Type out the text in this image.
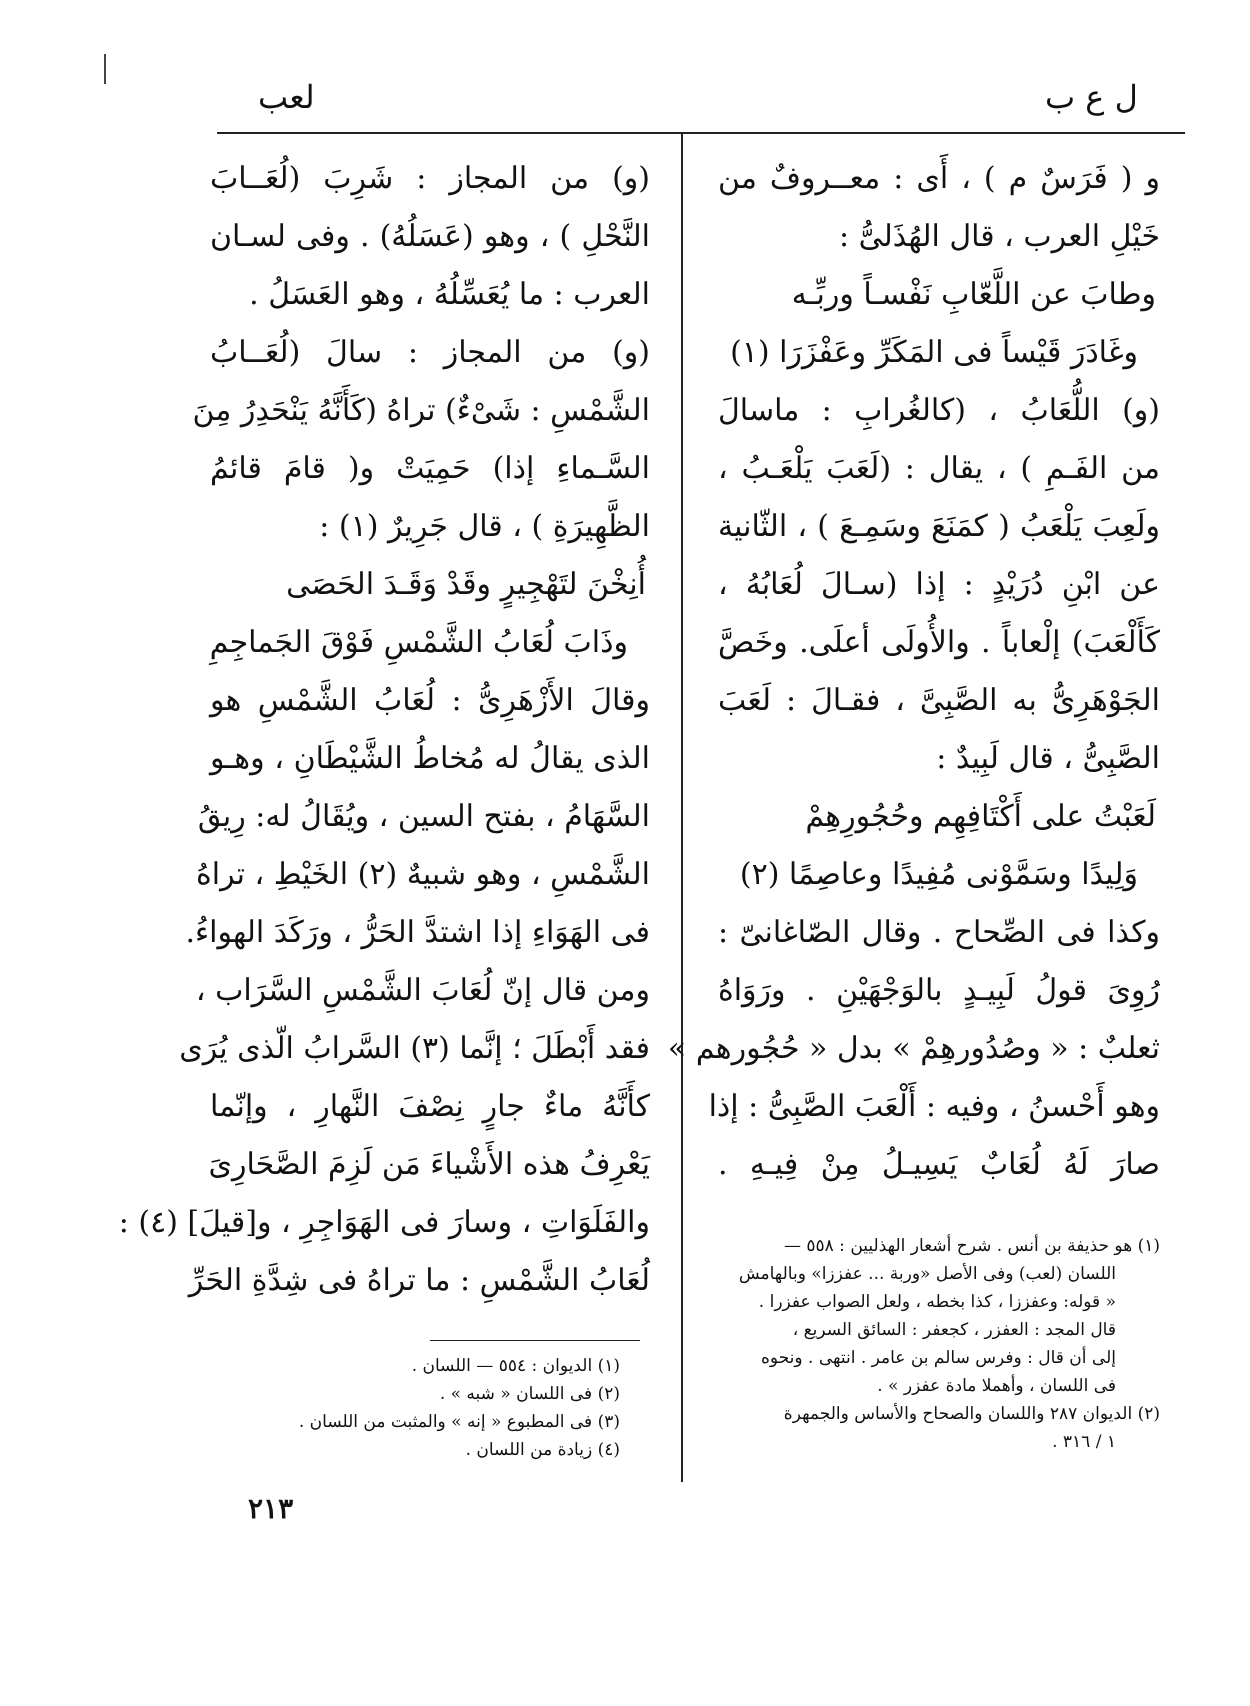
لعب	ل ع ب
و ( فَرَسٌ م ) ، أَى : معــروفٌ من
خَيْلِ العرب ، قال الهُذَلىُّ :
وطابَ عن اللَّعّابِ نَفْسـاً وربِّـه
وغَادَرَ قَيْساً فى المَكَرِّ وعَفْزَرَا (١)
(و) اللُّعَابُ ، (كالغُرابِ : ماسالَ
من الفَـمِ ) ، يقال : (لَعَبَ يَلْعَـبُ ،
ولَعِبَ يَلْعَبُ ( كمَنَعَ وسَمِـعَ ) ، الثّانية
عن ابْنِ دُرَيْدٍ : إذا (سـالَ لُعَابُهُ ،
كَأَلْعَبَ) إلْعاباً . والأُولَى أعلَى. وخَصَّ
الجَوْهَرِىُّ به الصَّبِىَّ ، فقـالَ : لَعَبَ
الصَّبِىُّ ، قال لَبِيدٌ :
لَعَبْتُ على أَكْتَافِهِم وحُجُورِهِمْ
وَلِيدًا وسَمَّوْنى مُفِيدًا وعاصِمًا (٢)
وكذا فى الصِّحاح . وقال الصّاغانىّ :
رُوِىَ قولُ لَبِيـدٍ بالوَجْهَيْنِ . ورَوَاهُ
ثعلبٌ : « وصُدُورهِمْ » بدل « حُجُورهم »
وهو أَحْسنُ ، وفيه : أَلْعَبَ الصَّبِىُّ : إذا
صارَ لَهُ لُعَابٌ يَسِيـلُ مِنْ فِيـهِ .
(و) من المجاز : شَرِبَ (لُعَــابَ
النَّحْلِ ) ، وهو (عَسَلُهُ) . وفى لسـان
العرب : ما يُعَسِّلُهُ ، وهو العَسَلُ .
(و) من المجاز : سالَ (لُعَــابُ
الشَّمْسِ : شَىْءٌ) تراهُ (كَأَنَّهُ يَنْحَدِرُ مِنَ
السَّـماءِ إذا) حَمِيَتْ و( قامَ قائمُ
الظَّهِيرَةِ ) ، قال جَرِيرٌ (١) :
أُنِخْنَ لتَهْجِيرٍ وقَدْ وَقَـدَ الحَصَى
وذَابَ لُعَابُ الشَّمْسِ فَوْقَ الجَماجِمِ
وقالَ الأَزْهَرِىُّ : لُعَابُ الشَّمْسِ هو
الذى يقالُ له مُخاطُ الشَّيْطَانِ ، وهـو
السَّهَامُ ، بفتح السين ، ويُقَالُ له: رِيقُ
الشَّمْسِ ، وهو شبيهٌ (٢) الخَيْطِ ، تراهُ
فى الهَوَاءِ إذا اشتدَّ الحَرُّ ، ورَكَدَ الهواءُ.
ومن قال إنّ لُعَابَ الشَّمْسِ السَّرَاب ،
فقد أَبْطَلَ ؛ إنَّما (٣) السَّرابُ الّذى يُرَى
كأَنَّهُ ماءٌ جارٍ نِصْفَ النَّهارِ ، وإنّما
يَعْرِفُ هذه الأَشْياءَ مَن لَزِمَ الصَّحَارِىَ
والفَلَوَاتِ ، وسارَ فى الهَوَاجِرِ ، و[قيلَ] (٤) :
لُعَابُ الشَّمْسِ : ما تراهُ فى شِدَّةِ الحَرِّ
(١) هو حذيفة بن أنس . شرح أشعار الهذليين : ٥٥٨ —
اللسان (لعب) وفى الأصل «وربة ... عفززا» وبالهامش
« قوله: وعفززا ، كذا بخطه ، ولعل الصواب عفزرا .
قال المجد : العفزر ، كجعفر : السائق السريع ،
إلى أن قال : وفرس سالم بن عامر . انتهى . ونحوه
فى اللسان ، وأهملا مادة عفزر » .
(٢) الديوان ٢٨٧ واللسان والصحاح والأساس والجمهرة
١ / ٣١٦ .
(١) الديوان : ٥٥٤ — اللسان .
(٢) فى اللسان « شبه » .
(٣) فى المطبوع « إنه » والمثبت من اللسان .
(٤) زيادة من اللسان .
٢١٣
